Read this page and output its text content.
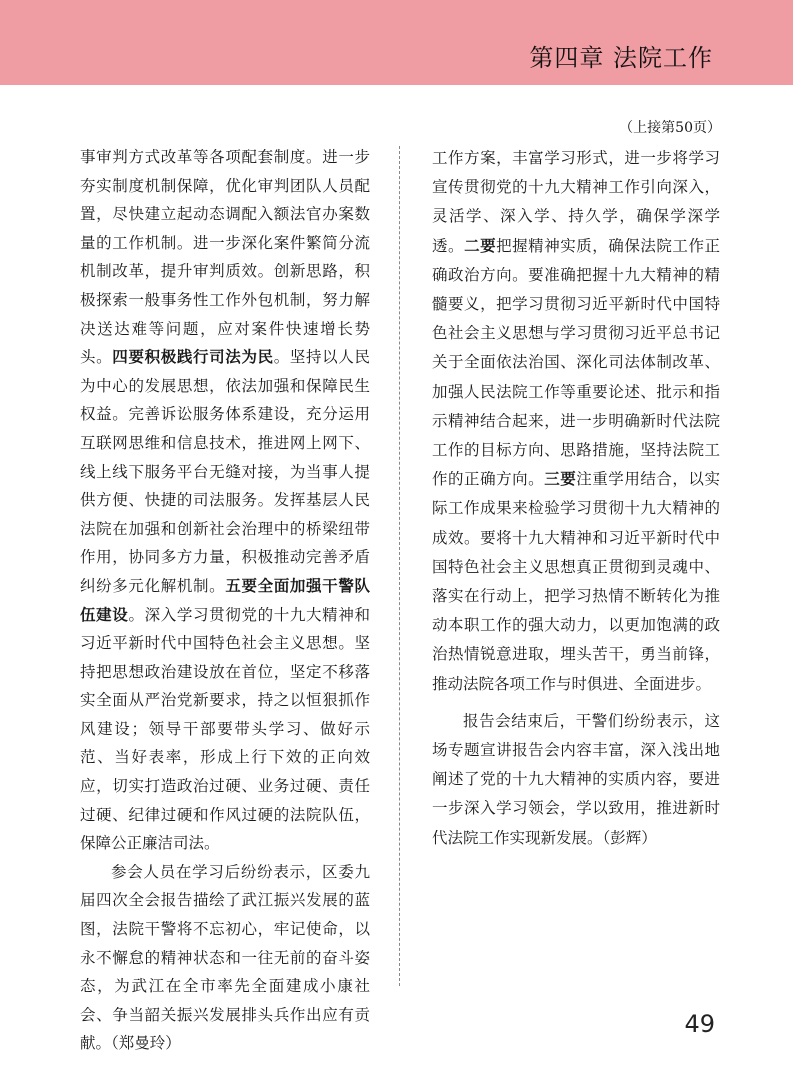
第四章 法院工作
（上接第50页）

事审判方式改革等各项配套制度。进一步夯实制度机制保障，优化审判团队人员配置，尽快建立起动态调配入额法官办案数量的工作机制。进一步深化案件繁简分流机制改革，提升审判质效。创新思路，积极探索一般事务性工作外包机制，努力解决送达难等问题，应对案件快速增长势头。四要积极践行司法为民。坚持以人民为中心的发展思想，依法加强和保障民生权益。完善诉讼服务体系建设，充分运用互联网思维和信息技术，推进网上网下、线上线下服务平台无缝对接，为当事人提供方便、快捷的司法服务。发挥基层人民法院在加强和创新社会治理中的桥梁纽带作用，协同多方力量，积极推动完善矛盾纠纷多元化解机制。五要全面加强干警队伍建设。深入学习贯彻党的十九大精神和习近平新时代中国特色社会主义思想。坚持把思想政治建设放在首位，坚定不移落实全面从严治党新要求，持之以恒狠抓作风建设；领导干部要带头学习、做好示范、当好表率，形成上行下效的正向效应，切实打造政治过硬、业务过硬、责任过硬、纪律过硬和作风过硬的法院队伍，保障公正廉洁司法。

参会人员在学习后纷纷表示，区委九届四次全会报告描绘了武江振兴发展的蓝图，法院干警将不忘初心，牢记使命，以永不懈怠的精神状态和一往无前的奋斗姿态，为武江在全市率先全面建成小康社会、争当韶关振兴发展排头兵作出应有贡献。（郑曼玲）

工作方案，丰富学习形式，进一步将学习宣传贯彻党的十九大精神工作引向深入，灵活学、深入学、持久学，确保学深学透。二要把握精神实质，确保法院工作正确政治方向。要准确把握十九大精神的精髓要义，把学习贯彻习近平新时代中国特色社会主义思想与学习贯彻习近平总书记关于全面依法治国、深化司法体制改革、加强人民法院工作等重要论述、批示和指示精神结合起来，进一步明确新时代法院工作的目标方向、思路措施，坚持法院工作的正确方向。三要注重学用结合，以实际工作成果来检验学习贯彻十九大精神的成效。要将十九大精神和习近平新时代中国特色社会主义思想真正贯彻到灵魂中、落实在行动上，把学习热情不断转化为推动本职工作的强大动力，以更加饱满的政治热情锐意进取，埋头苦干，勇当前锋，推动法院各项工作与时俱进、全面进步。

报告会结束后，干警们纷纷表示，这场专题宣讲报告会内容丰富，深入浅出地阐述了党的十九大精神的实质内容，要进一步深入学习领会，学以致用，推进新时代法院工作实现新发展。（彭辉）

49
